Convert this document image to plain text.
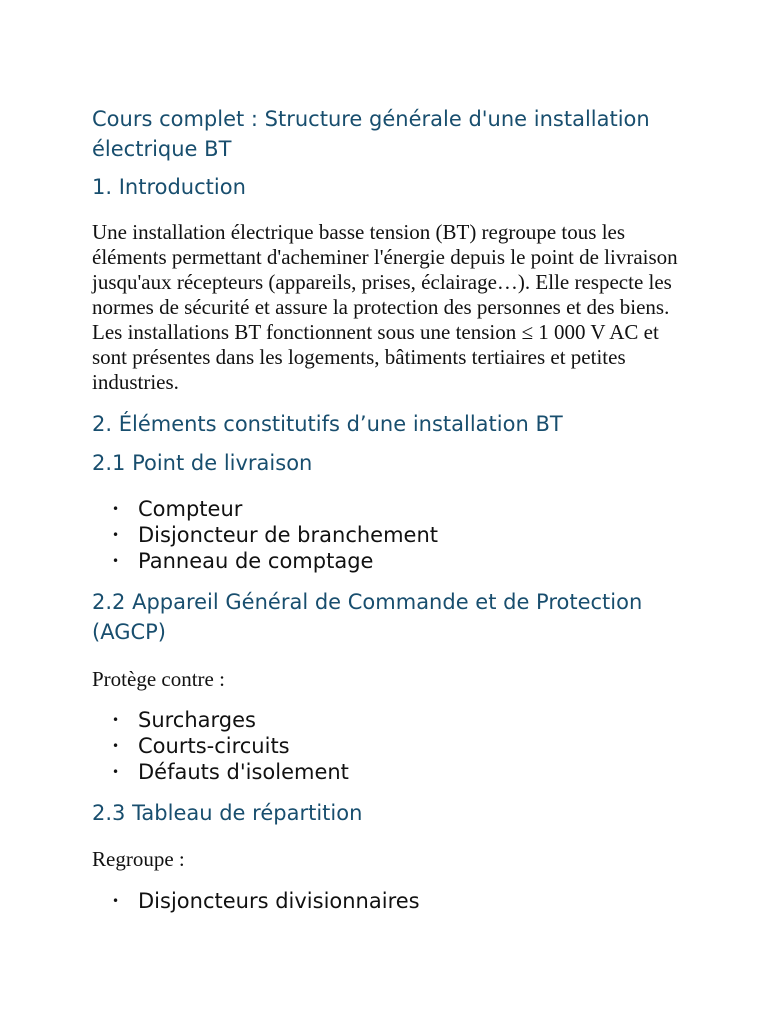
Cours complet : Structure générale d'une installation électrique BT
1. Introduction

Une installation électrique basse tension (BT) regroupe tous les éléments permettant d'acheminer l'énergie depuis le point de livraison jusqu'aux récepteurs (appareils, prises, éclairage…). Elle respecte les normes de sécurité et assure la protection des personnes et des biens. Les installations BT fonctionnent sous une tension ≤ 1 000 V AC et sont présentes dans les logements, bâtiments tertiaires et petites industries.

2. Éléments constitutifs d’une installation BT
2.1 Point de livraison
• Compteur
• Disjoncteur de branchement
• Panneau de comptage
2.2 Appareil Général de Commande et de Protection (AGCP)

Protège contre :

• Surcharges
• Courts-circuits
• Défauts d'isolement
2.3 Tableau de répartition

Regroupe :

• Disjoncteurs divisionnaires
